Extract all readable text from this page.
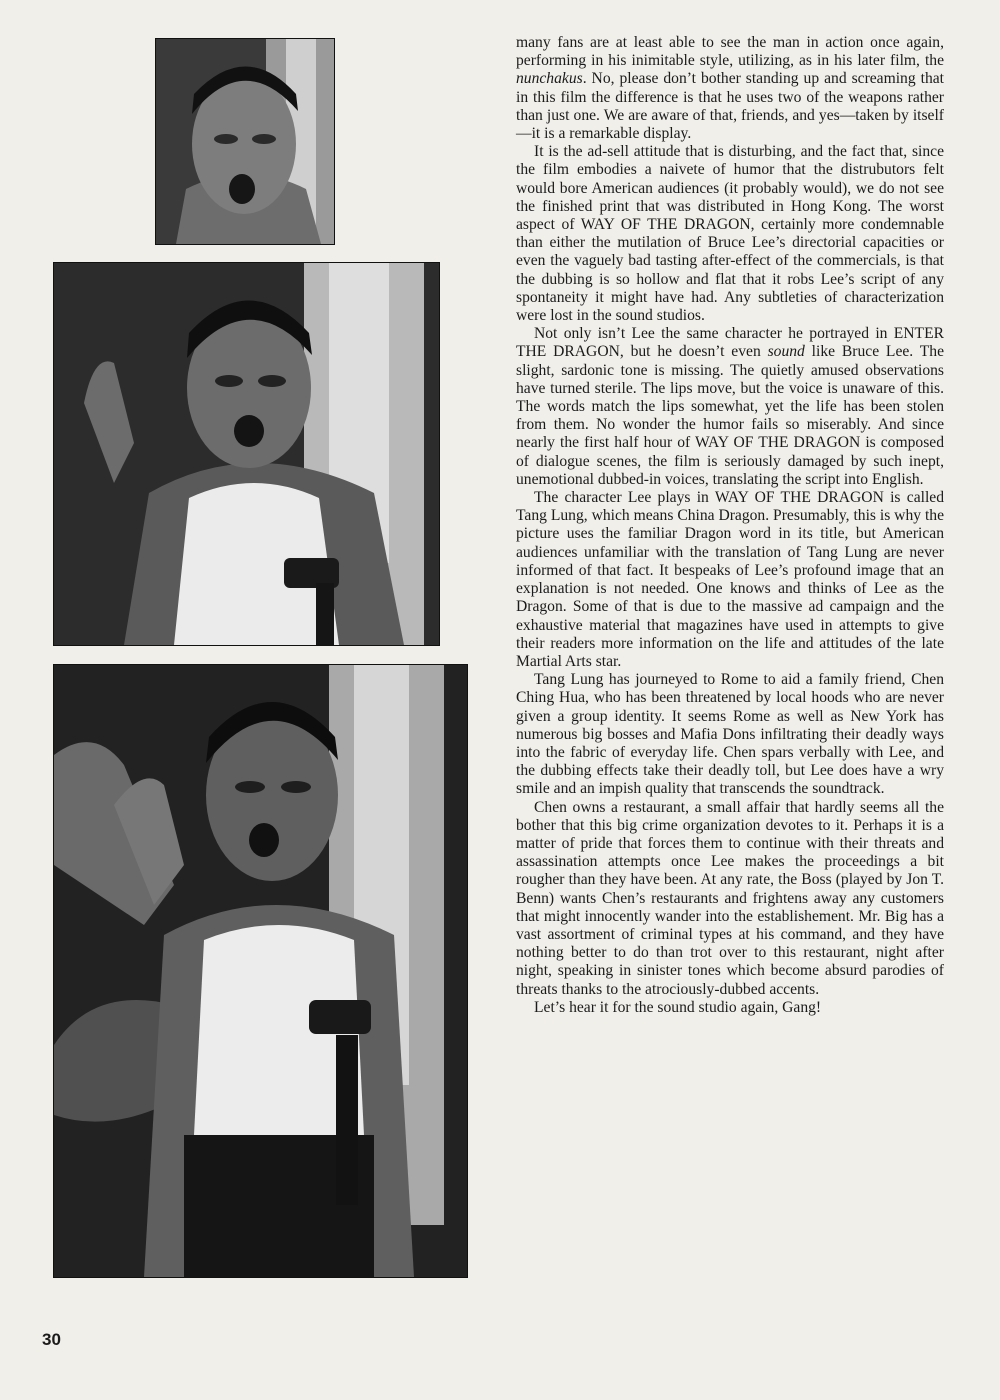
many fans are at least able to see the man in action once again, performing in his inimitable style, utilizing, as in his later film, the nunchakus. No, please don’t bother standing up and screaming that in this film the difference is that he uses two of the weapons rather than just one. We are aware of that, friends, and yes—taken by itself—it is a remarkable display.

It is the ad-sell attitude that is disturbing, and the fact that, since the film embodies a naivete of humor that the distrubutors felt would bore American audiences (it probably would), we do not see the finished print that was distributed in Hong Kong. The worst aspect of WAY OF THE DRAGON, certainly more condemnable than either the mutilation of Bruce Lee’s directorial capacities or even the vaguely bad tasting after-effect of the commercials, is that the dubbing is so hollow and flat that it robs Lee’s script of any spontaneity it might have had. Any subtleties of characterization were lost in the sound studios.

Not only isn’t Lee the same character he portrayed in ENTER THE DRAGON, but he doesn’t even sound like Bruce Lee. The slight, sardonic tone is missing. The quietly amused observations have turned sterile. The lips move, but the voice is unaware of this. The words match the lips somewhat, yet the life has been stolen from them. No wonder the humor fails so miserably. And since nearly the first half hour of WAY OF THE DRAGON is composed of dialogue scenes, the film is seriously damaged by such inept, unemotional dubbed-in voices, translating the script into English.

The character Lee plays in WAY OF THE DRAGON is called Tang Lung, which means China Dragon. Presumably, this is why the picture uses the familiar Dragon word in its title, but American audiences unfamiliar with the translation of Tang Lung are never informed of that fact. It bespeaks of Lee’s profound image that an explanation is not needed. One knows and thinks of Lee as the Dragon. Some of that is due to the massive ad campaign and the exhaustive material that magazines have used in attempts to give their readers more information on the life and attitudes of the late Martial Arts star.

Tang Lung has journeyed to Rome to aid a family friend, Chen Ching Hua, who has been threatened by local hoods who are never given a group identity. It seems Rome as well as New York has numerous big bosses and Mafia Dons infiltrating their deadly ways into the fabric of everyday life. Chen spars verbally with Lee, and the dubbing effects take their deadly toll, but Lee does have a wry smile and an impish quality that transcends the soundtrack.

Chen owns a restaurant, a small affair that hardly seems all the bother that this big crime organization devotes to it. Perhaps it is a matter of pride that forces them to continue with their threats and assassination attempts once Lee makes the proceedings a bit rougher than they have been. At any rate, the Boss (played by Jon T. Benn) wants Chen’s restaurants and frightens away any customers that might innocently wander into the establishement. Mr. Big has a vast assortment of criminal types at his command, and they have nothing better to do than trot over to this restaurant, night after night, speaking in sinister tones which become absurd parodies of threats thanks to the atrociously-dubbed accents.

Let’s hear it for the sound studio again, Gang!

30
